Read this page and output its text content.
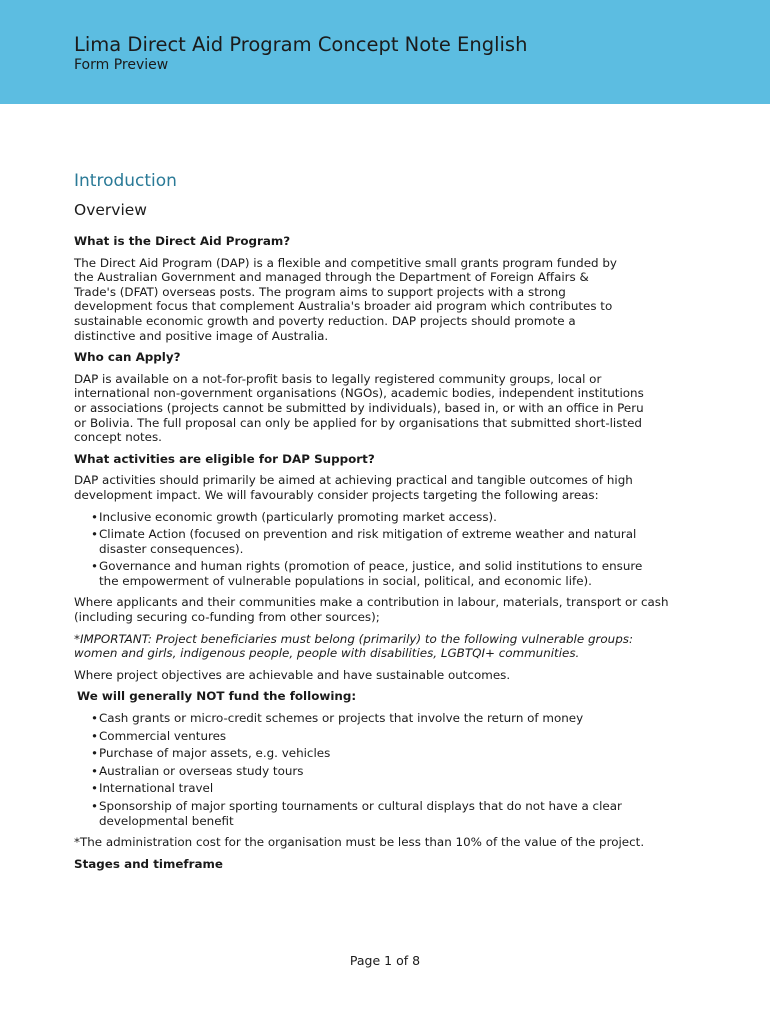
Lima Direct Aid Program Concept Note English
Form Preview
Introduction
Overview
What is the Direct Aid Program?
The Direct Aid Program (DAP) is a flexible and competitive small grants program funded by the Australian Government and managed through the Department of Foreign Affairs & Trade's (DFAT) overseas posts. The program aims to support projects with a strong development focus that complement Australia's broader aid program which contributes to sustainable economic growth and poverty reduction. DAP projects should promote a distinctive and positive image of Australia.
Who can Apply?
DAP is available on a not-for-profit basis to legally registered community groups, local or international non-government organisations (NGOs), academic bodies, independent institutions or associations (projects cannot be submitted by individuals), based in, or with an office in Peru or Bolivia. The full proposal can only be applied for by organisations that submitted short-listed concept notes.
What activities are eligible for DAP Support?
DAP activities should primarily be aimed at achieving practical and tangible outcomes of high development impact. We will favourably consider projects targeting the following areas:
• Inclusive economic growth (particularly promoting market access).
• Climate Action (focused on prevention and risk mitigation of extreme weather and natural disaster consequences).
• Governance and human rights (promotion of peace, justice, and solid institutions to ensure the empowerment of vulnerable populations in social, political, and economic life).
Where applicants and their communities make a contribution in labour, materials, transport or cash (including securing co-funding from other sources);
*IMPORTANT: Project beneficiaries must belong (primarily) to the following vulnerable groups: women and girls, indigenous people, people with disabilities, LGBTQI+ communities.
Where project objectives are achievable and have sustainable outcomes.
We will generally NOT fund the following:
• Cash grants or micro-credit schemes or projects that involve the return of money
• Commercial ventures
• Purchase of major assets, e.g. vehicles
• Australian or overseas study tours
• International travel
• Sponsorship of major sporting tournaments or cultural displays that do not have a clear developmental benefit
*The administration cost for the organisation must be less than 10% of the value of the project.
Stages and timeframe
Page 1 of 8
